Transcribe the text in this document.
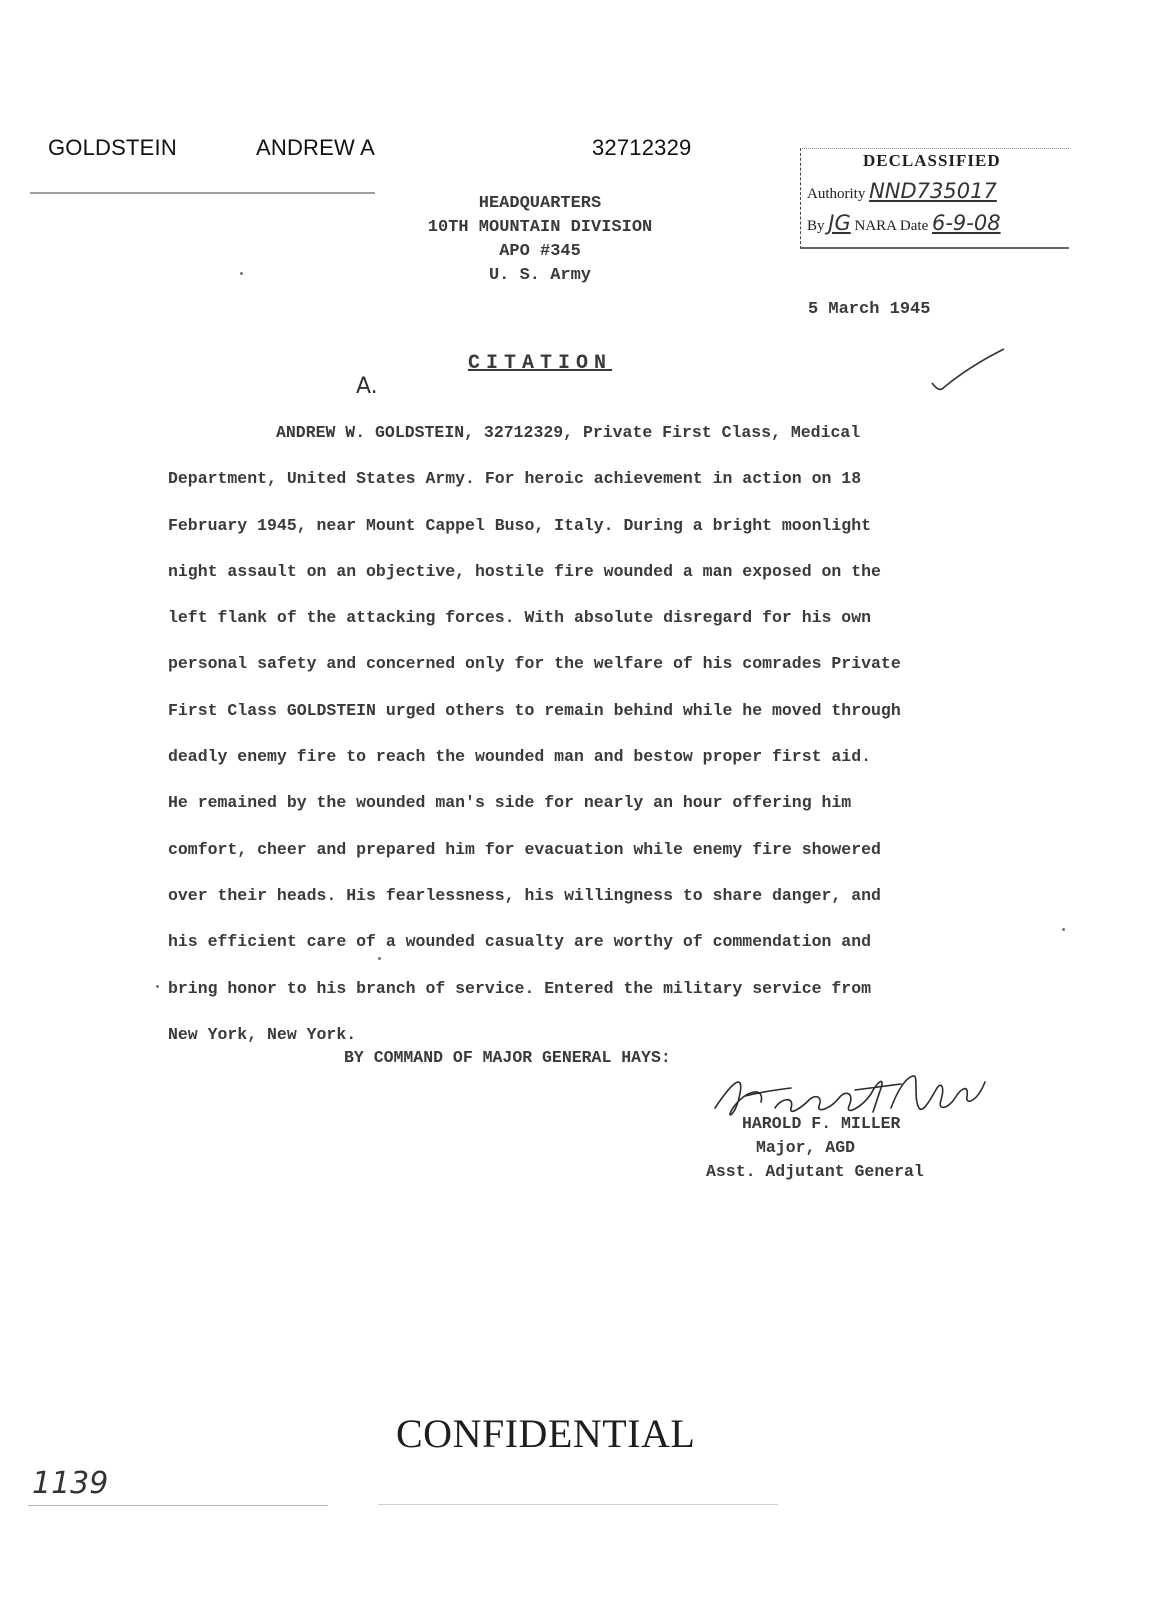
GOLDSTEIN	ANDREW A	32712329
DECLASSIFIED
Authority NND735017
By JG NARA Date 6-9-08
HEADQUARTERS
10TH MOUNTAIN DIVISION
APO #345
U. S. Army
5 March 1945
CITATION
A.
ANDREW W. GOLDSTEIN, 32712329, Private First Class, Medical
Department, United States Army. For heroic achievement in action on 18
February 1945, near Mount Cappel Buso, Italy. During a bright moonlight
night assault on an objective, hostile fire wounded a man exposed on the
left flank of the attacking forces. With absolute disregard for his own
personal safety and concerned only for the welfare of his comrades Private
First Class GOLDSTEIN urged others to remain behind while he moved through
deadly enemy fire to reach the wounded man and bestow proper first aid.
He remained by the wounded man's side for nearly an hour offering him
comfort, cheer and prepared him for evacuation while enemy fire showered
over their heads. His fearlessness, his willingness to share danger, and
his efficient care of a wounded casualty are worthy of commendation and
bring honor to his branch of service. Entered the military service from
New York, New York.
BY COMMAND OF MAJOR GENERAL HAYS:
HAROLD F. MILLER
Major, AGD
Asst. Adjutant General
CONFIDENTIAL
1139
